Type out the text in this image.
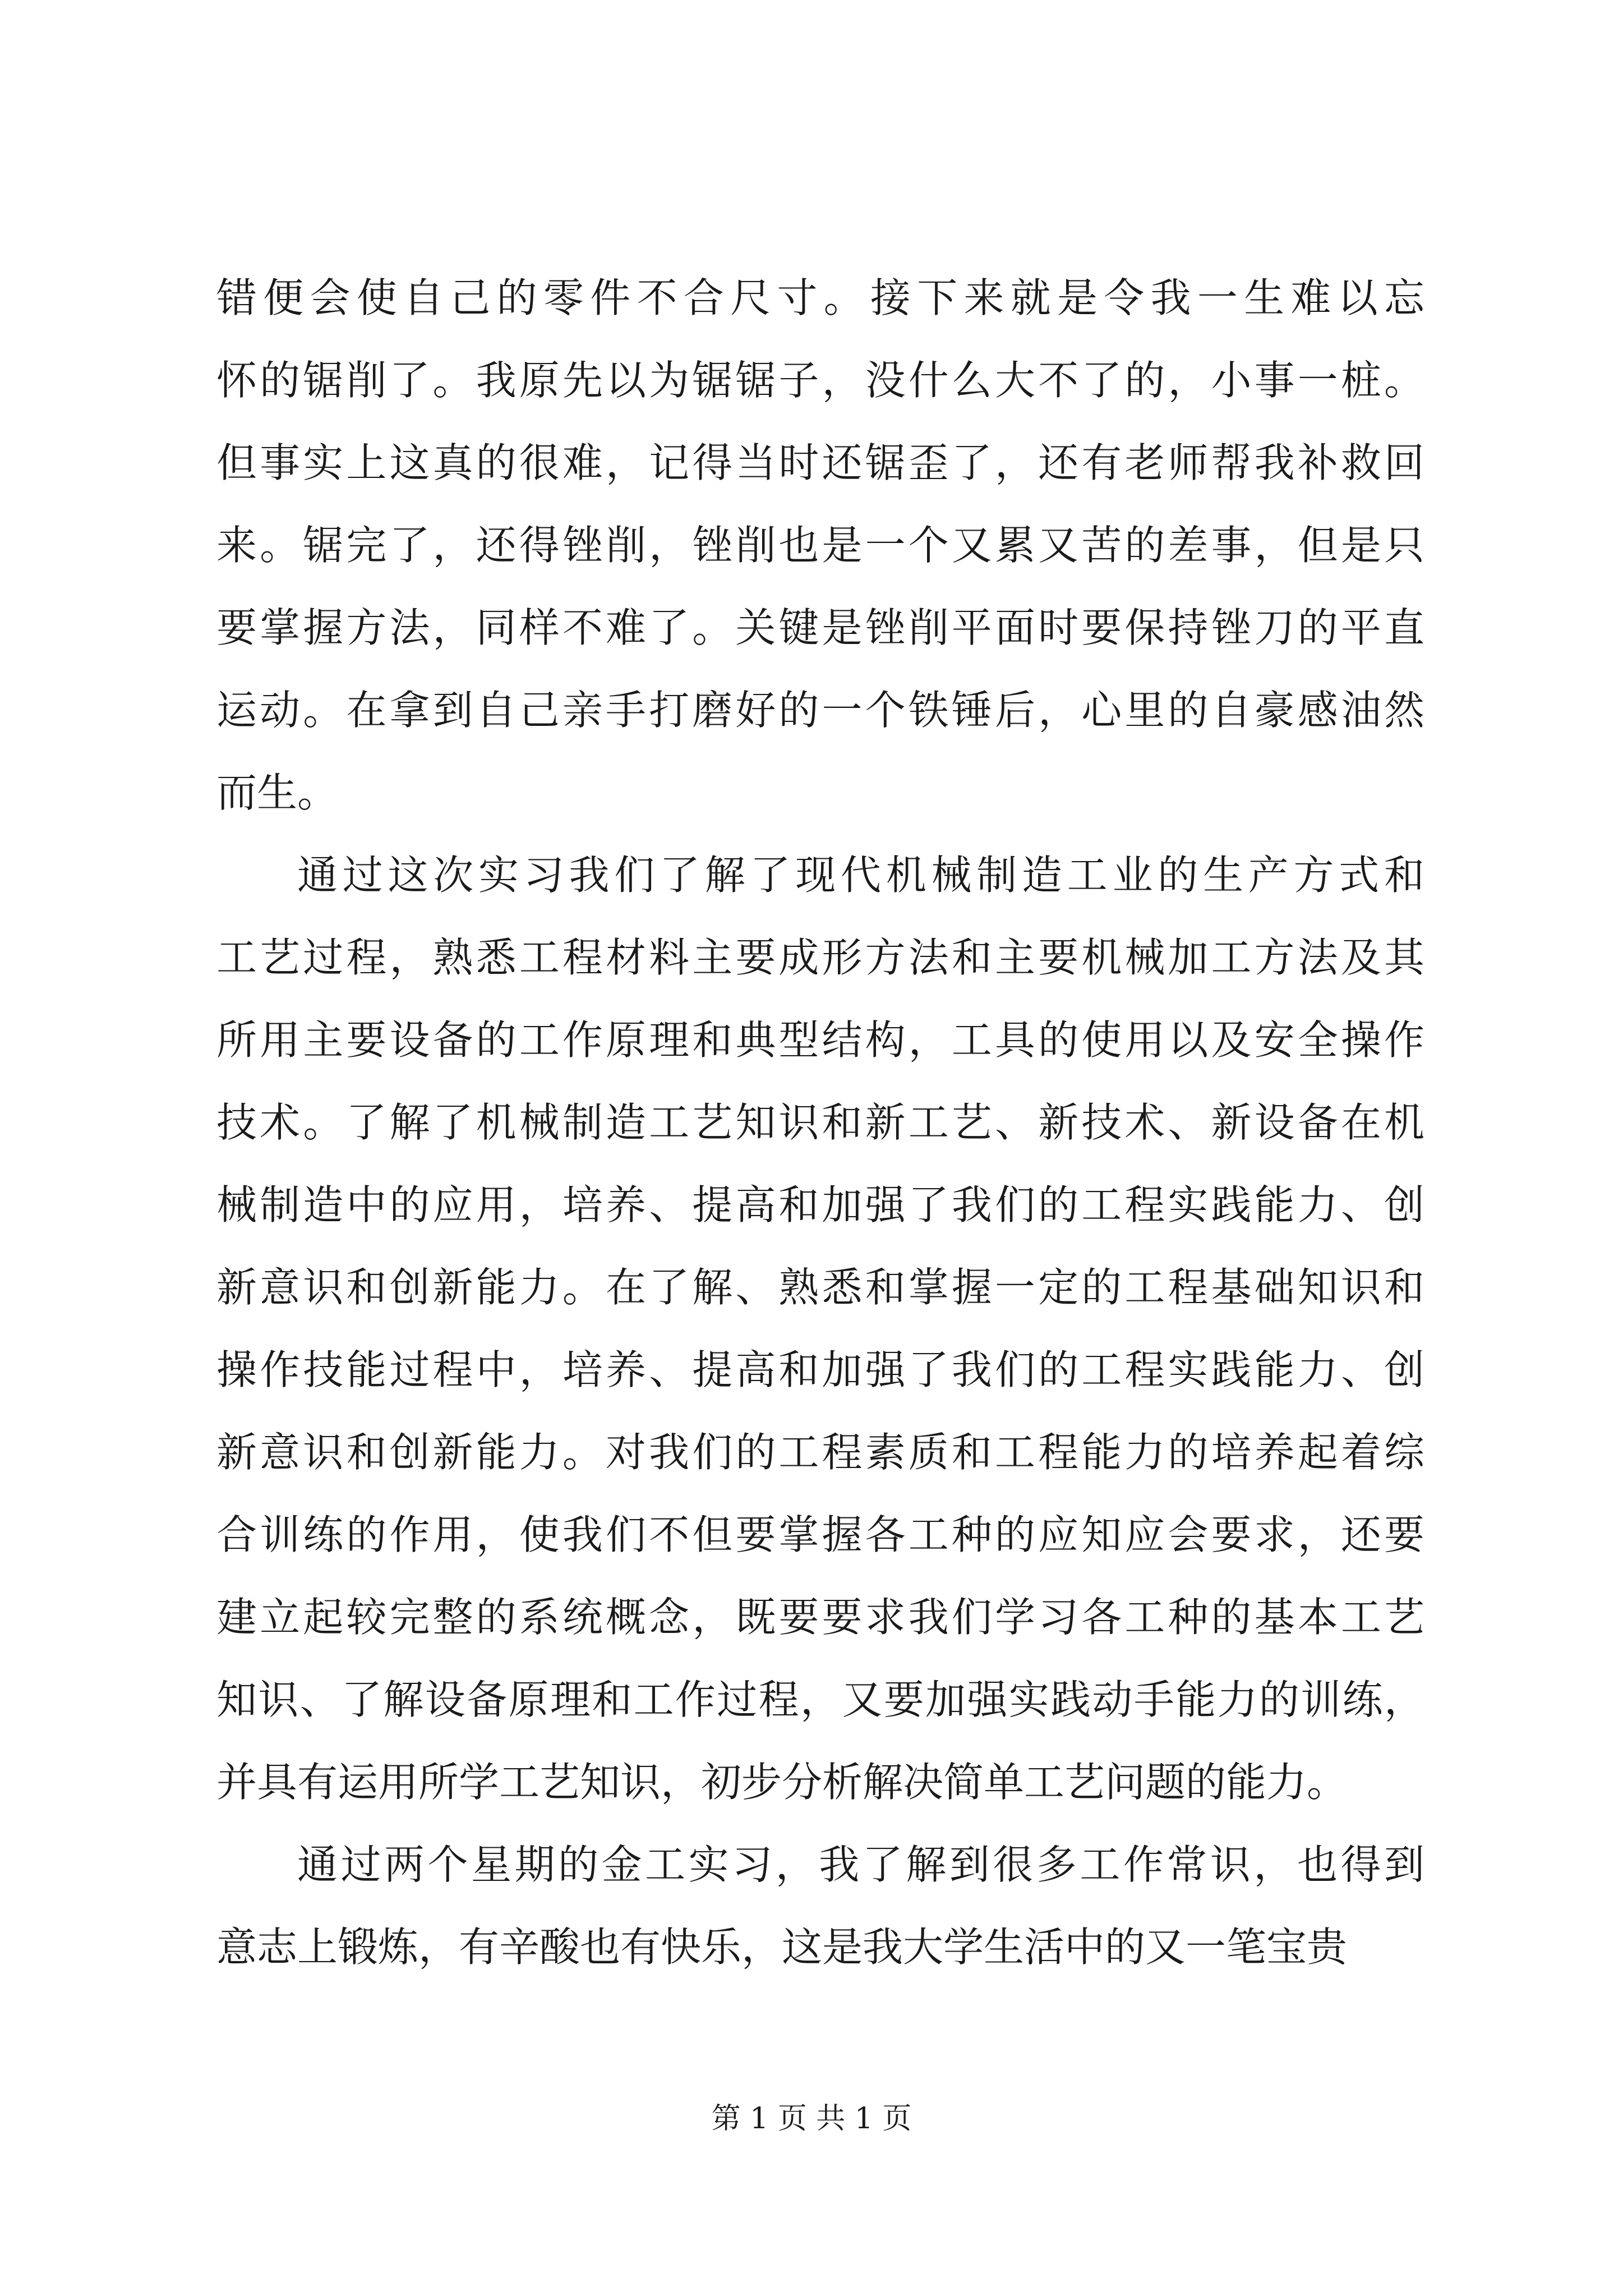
错便会使自己的零件不合尺寸。接下来就是令我一生难以忘
怀的锯削了。我原先以为锯锯子，没什么大不了的，小事一桩。
但事实上这真的很难，记得当时还锯歪了，还有老师帮我补救回
来。锯完了，还得锉削，锉削也是一个又累又苦的差事，但是只
要掌握方法，同样不难了。关键是锉削平面时要保持锉刀的平直
运动。在拿到自己亲手打磨好的一个铁锤后，心里的自豪感油然
而生。
通过这次实习我们了解了现代机械制造工业的生产方式和
工艺过程，熟悉工程材料主要成形方法和主要机械加工方法及其
所用主要设备的工作原理和典型结构，工具的使用以及安全操作
技术。了解了机械制造工艺知识和新工艺、新技术、新设备在机
械制造中的应用，培养、提高和加强了我们的工程实践能力、创
新意识和创新能力。在了解、熟悉和掌握一定的工程基础知识和
操作技能过程中，培养、提高和加强了我们的工程实践能力、创
新意识和创新能力。对我们的工程素质和工程能力的培养起着综
合训练的作用，使我们不但要掌握各工种的应知应会要求，还要
建立起较完整的系统概念，既要要求我们学习各工种的基本工艺
知识、了解设备原理和工作过程，又要加强实践动手能力的训练，
并具有运用所学工艺知识，初步分析解决简单工艺问题的能力。
通过两个星期的金工实习，我了解到很多工作常识，也得到
意志上锻炼，有辛酸也有快乐，这是我大学生活中的又一笔宝贵
第 1 页 共 1 页
